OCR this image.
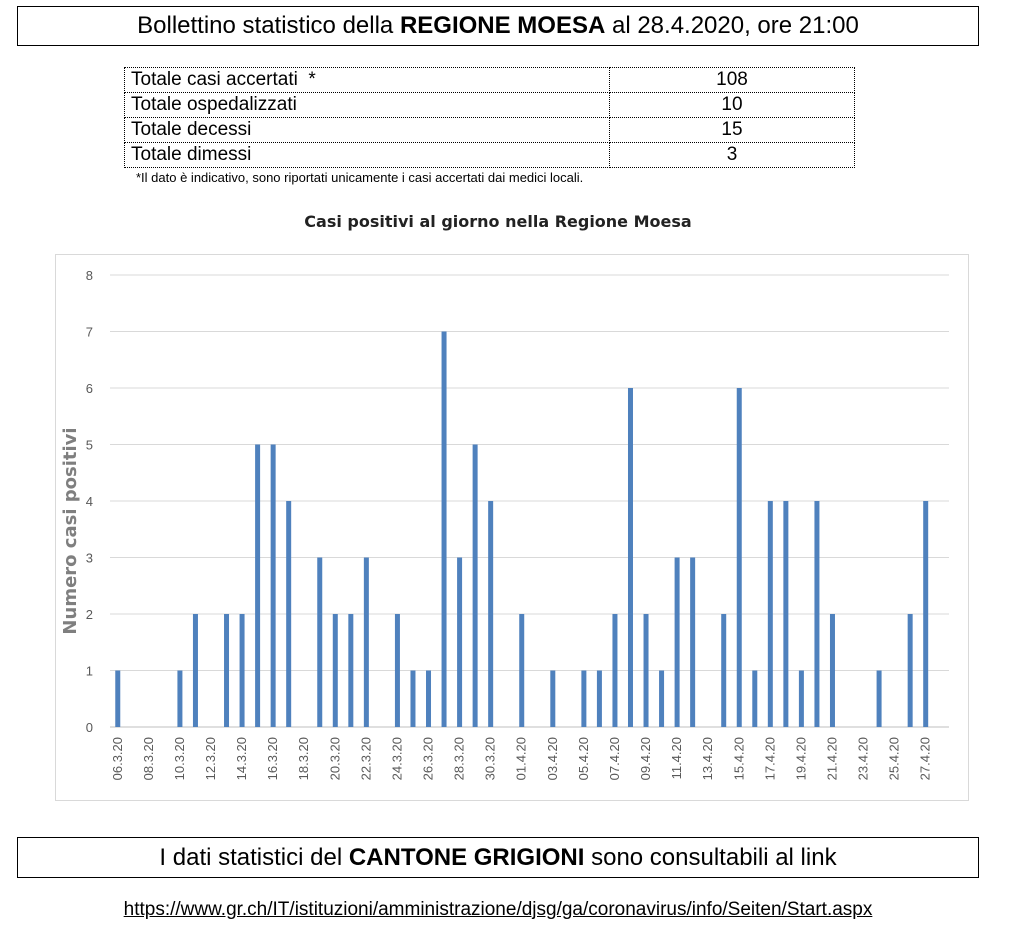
Bollettino statistico della REGIONE MOESA al 28.4.2020, ore 21:00
Totale casi accertati  *	108
Totale ospedalizzati	10
Totale decessi	15
Totale dimessi	3
*Il dato è indicativo, sono riportati unicamente i casi accertati dai medici locali.
Casi positivi al giorno nella Regione Moesa
0
1
2
3
4
5
6
7
8
Numero casi positivi
06.3.20 08.3.20 10.3.20 12.3.20 14.3.20 16.3.20 18.3.20 20.3.20 22.3.20 24.3.20 26.3.20 28.3.20 30.3.20 01.4.20 03.4.20 05.4.20 07.4.20 09.4.20 11.4.20 13.4.20 15.4.20 17.4.20 19.4.20 21.4.20 23.4.20 25.4.20 27.4.20
I dati statistici del CANTONE GRIGIONI sono consultabili al link
https://www.gr.ch/IT/istituzioni/amministrazione/djsg/ga/coronavirus/info/Seiten/Start.aspx
